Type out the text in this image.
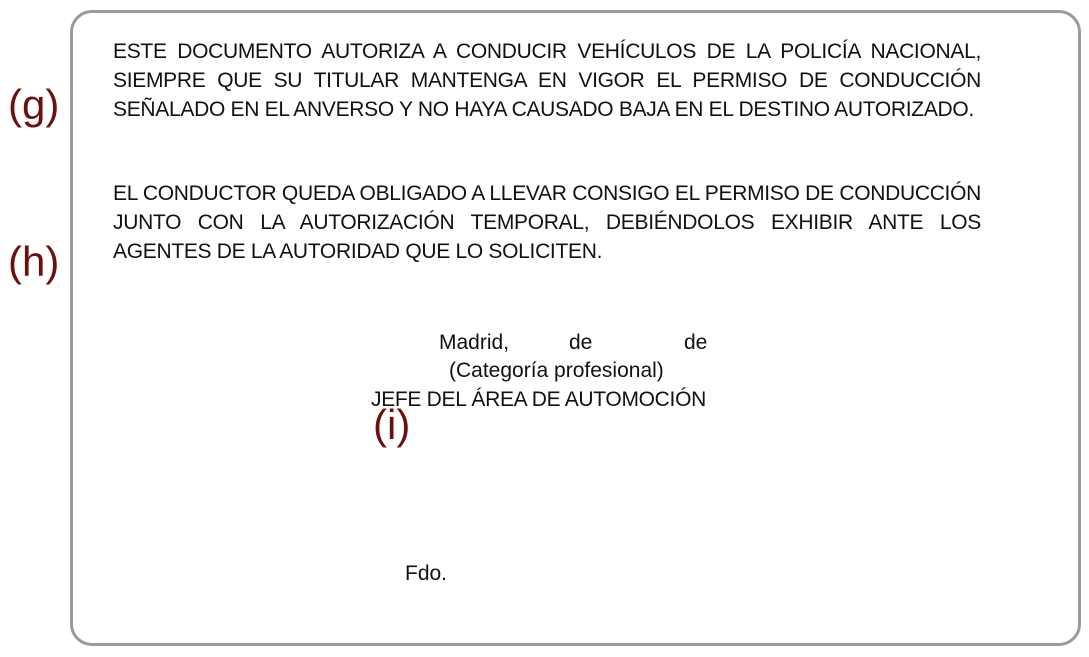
(g)
(h)

ESTE DOCUMENTO AUTORIZA A CONDUCIR VEHÍCULOS DE LA POLICÍA NACIONAL, SIEMPRE QUE SU TITULAR MANTENGA EN VIGOR EL PERMISO DE CONDUCCIÓN SEÑALADO EN EL ANVERSO Y NO HAYA CAUSADO BAJA EN EL DESTINO AUTORIZADO.

EL CONDUCTOR QUEDA OBLIGADO A LLEVAR CONSIGO EL PERMISO DE CONDUCCIÓN JUNTO CON LA AUTORIZACIÓN TEMPORAL, DEBIÉNDOLOS EXHIBIR ANTE LOS AGENTES DE LA AUTORIDAD QUE LO SOLICITEN.

Madrid,	de	de
(Categoría profesional)
JEFE DEL ÁREA DE AUTOMOCIÓN
Fdo.
(i)
